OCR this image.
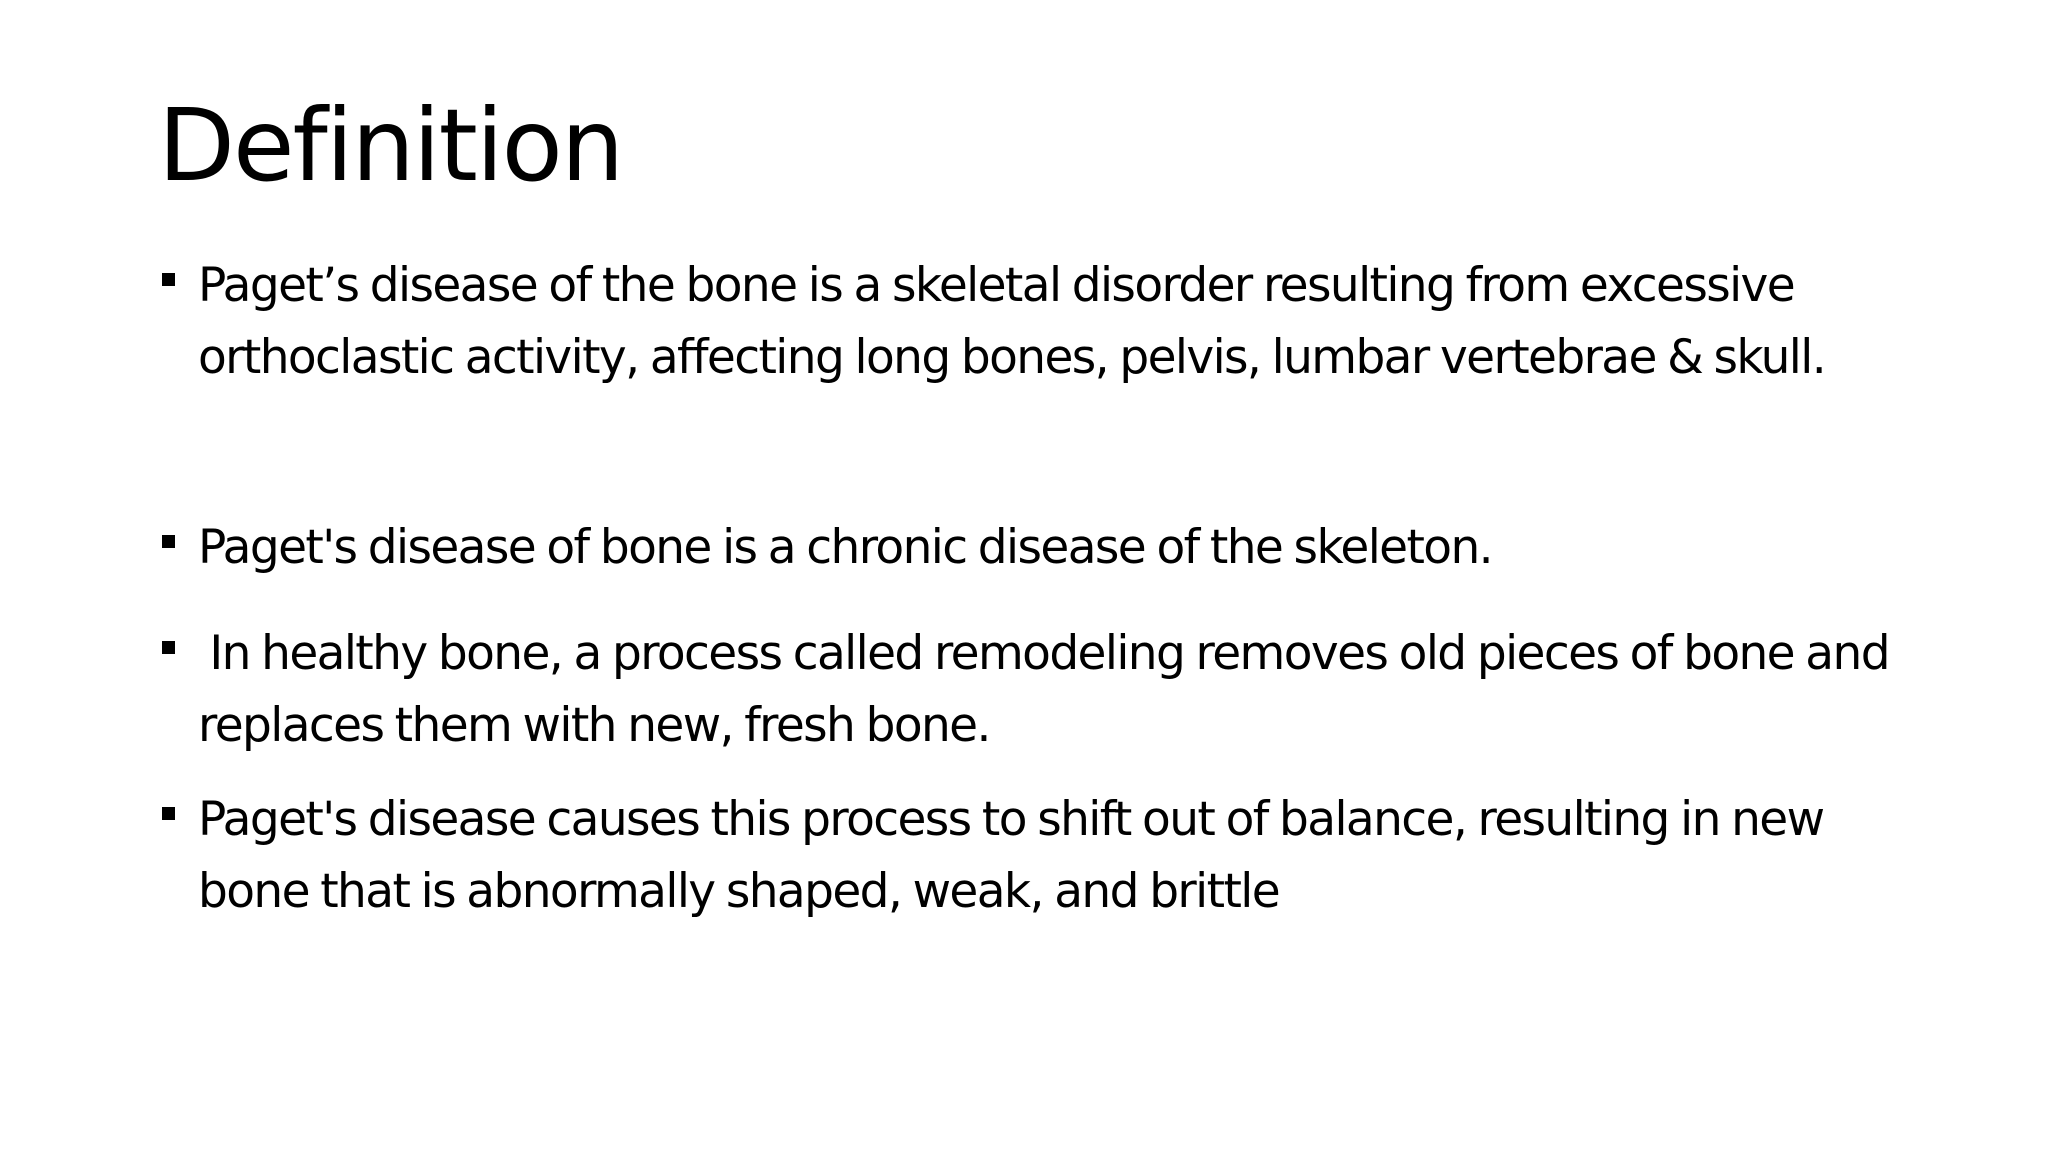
Definition
Paget’s disease of the bone is a skeletal disorder resulting from excessive orthoclastic activity, affecting long bones, pelvis, lumbar vertebrae & skull.
Paget's disease of bone is a chronic disease of the skeleton.
In healthy bone, a process called remodeling removes old pieces of bone and replaces them with new, fresh bone.
Paget's disease causes this process to shift out of balance, resulting in new bone that is abnormally shaped, weak, and brittle
